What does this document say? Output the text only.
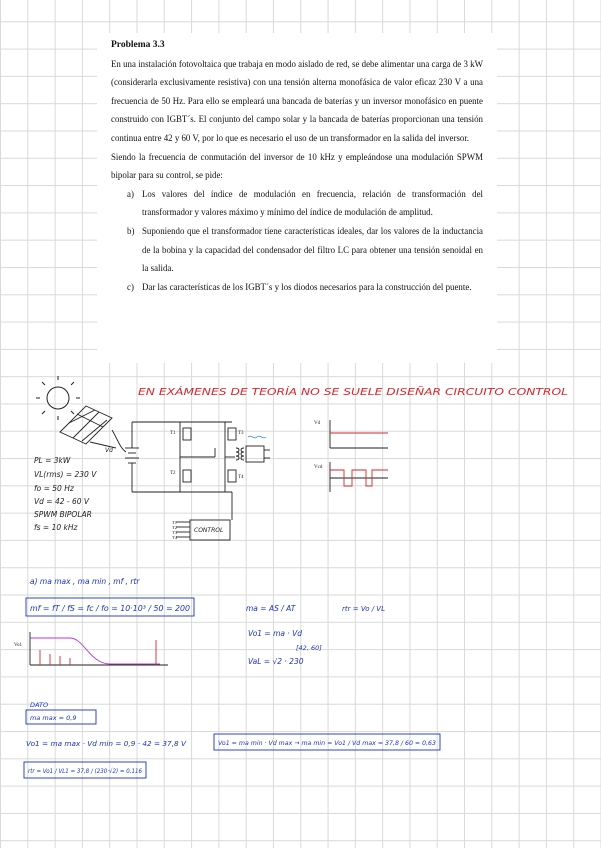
Problema 3.3

En una instalación fotovoltaica que trabaja en modo aislado de red, se debe alimentar una carga de 3 kW (considerarla exclusivamente resistiva) con una tensión alterna monofásica de valor eficaz 230 V a una frecuencia de 50 Hz. Para ello se empleará una bancada de baterías y un inversor monofásico en puente construido con IGBT´s. El conjunto del campo solar y la bancada de baterías proporcionan una tensión continua entre 42 y 60 V, por lo que es necesario el uso de un transformador en la salida del inversor.

Siendo la frecuencia de conmutación del inversor de 10 kHz y empleándose una modulación SPWM bipolar para su control, se pide:

a) Los valores del índice de modulación en frecuencia, relación de transformación del transformador y valores máximo y mínimo del índice de modulación de amplitud.
b) Suponiendo que el transformador tiene características ideales, dar los valores de la inductancia de la bobina y la capacidad del condensador del filtro LC para obtener una tensión senoidal en la salida.
c) Dar las características de los IGBT´s y los diodos necesarios para la construcción del puente.
EN EXÁMENES DE TEORÍA NO SE SUELE DISEÑAR CIRCUITO CONTROL
PL = 3kW
VL(rms) = 230 V
fo = 50 Hz
Vd = 42 - 60 V
SPWM BIPOLAR
fs = 10 kHz
Vd
T1
T2
T3
T4
T1
T2
T3
T4
CONTROL
Vd
Vcd
a) ma max , ma min , mf , rtr
mf = fT / fS = fc / fo = 10·10³ / 50 = 200	ma = AS / AT	rtr = Vo / VL
Vo1 = ma · Vd
[42, 60]
VaL = √2 · 230
Vo1
DATO
ma max = 0,9
Vo1 = ma max · Vd min = 0,9 · 42 = 37,8 V	Vo1 = ma min · Vd max → ma min = Vo1 / Vd max = 37,8 / 60 = 0,63
rtr = Vo1 / VL1 = 37,8 / (230·√2) = 0,116
